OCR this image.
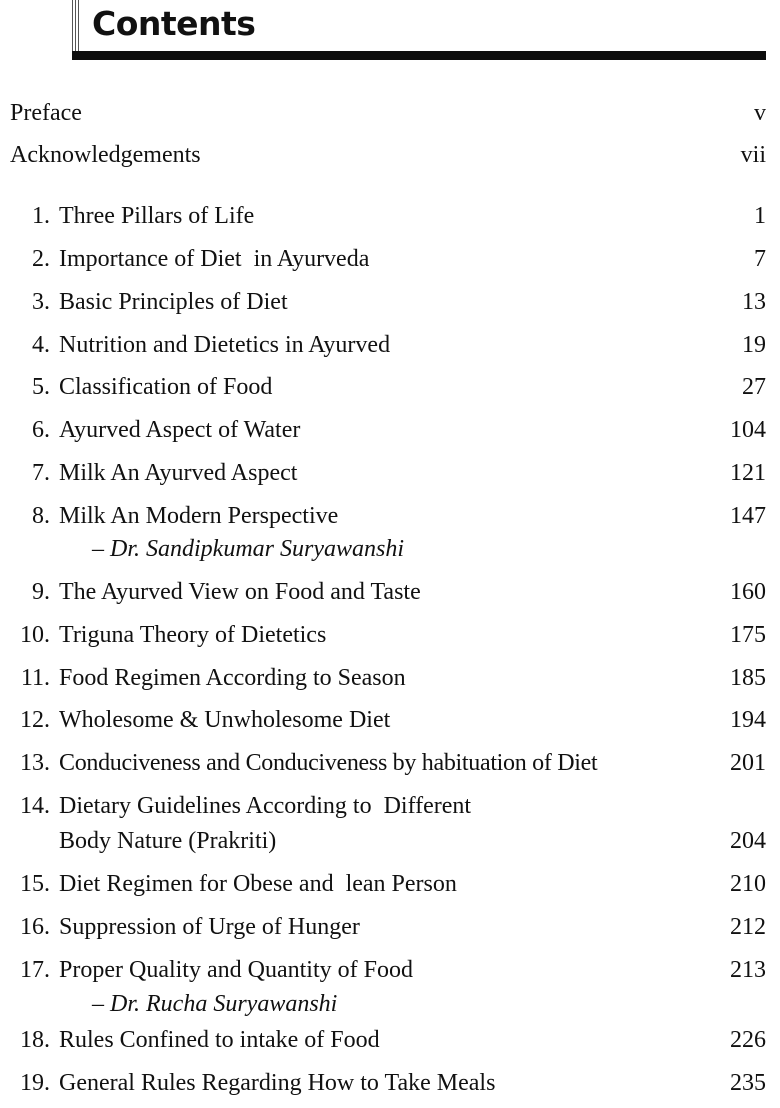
Contents
Preface	v
Acknowledgements	vii
1. Three Pillars of Life	1
2. Importance of Diet  in Ayurveda	7
3. Basic Principles of Diet	13
4. Nutrition and Dietetics in Ayurved	19
5. Classification of Food	27
6. Ayurved Aspect of Water	104
7. Milk An Ayurved Aspect	121
8. Milk An Modern Perspective	147
– Dr. Sandipkumar Suryawanshi
9. The Ayurved View on Food and Taste	160
10. Triguna Theory of Dietetics	175
11. Food Regimen According to Season	185
12. Wholesome & Unwholesome Diet	194
13. Conduciveness and Conduciveness by habituation of Diet	201
14. Dietary Guidelines According to  Different
Body Nature (Prakriti)	204
15. Diet Regimen for Obese and  lean Person	210
16. Suppression of Urge of Hunger	212
17. Proper Quality and Quantity of Food	213
– Dr. Rucha Suryawanshi
18. Rules Confined to intake of Food	226
19. General Rules Regarding How to Take Meals	235
